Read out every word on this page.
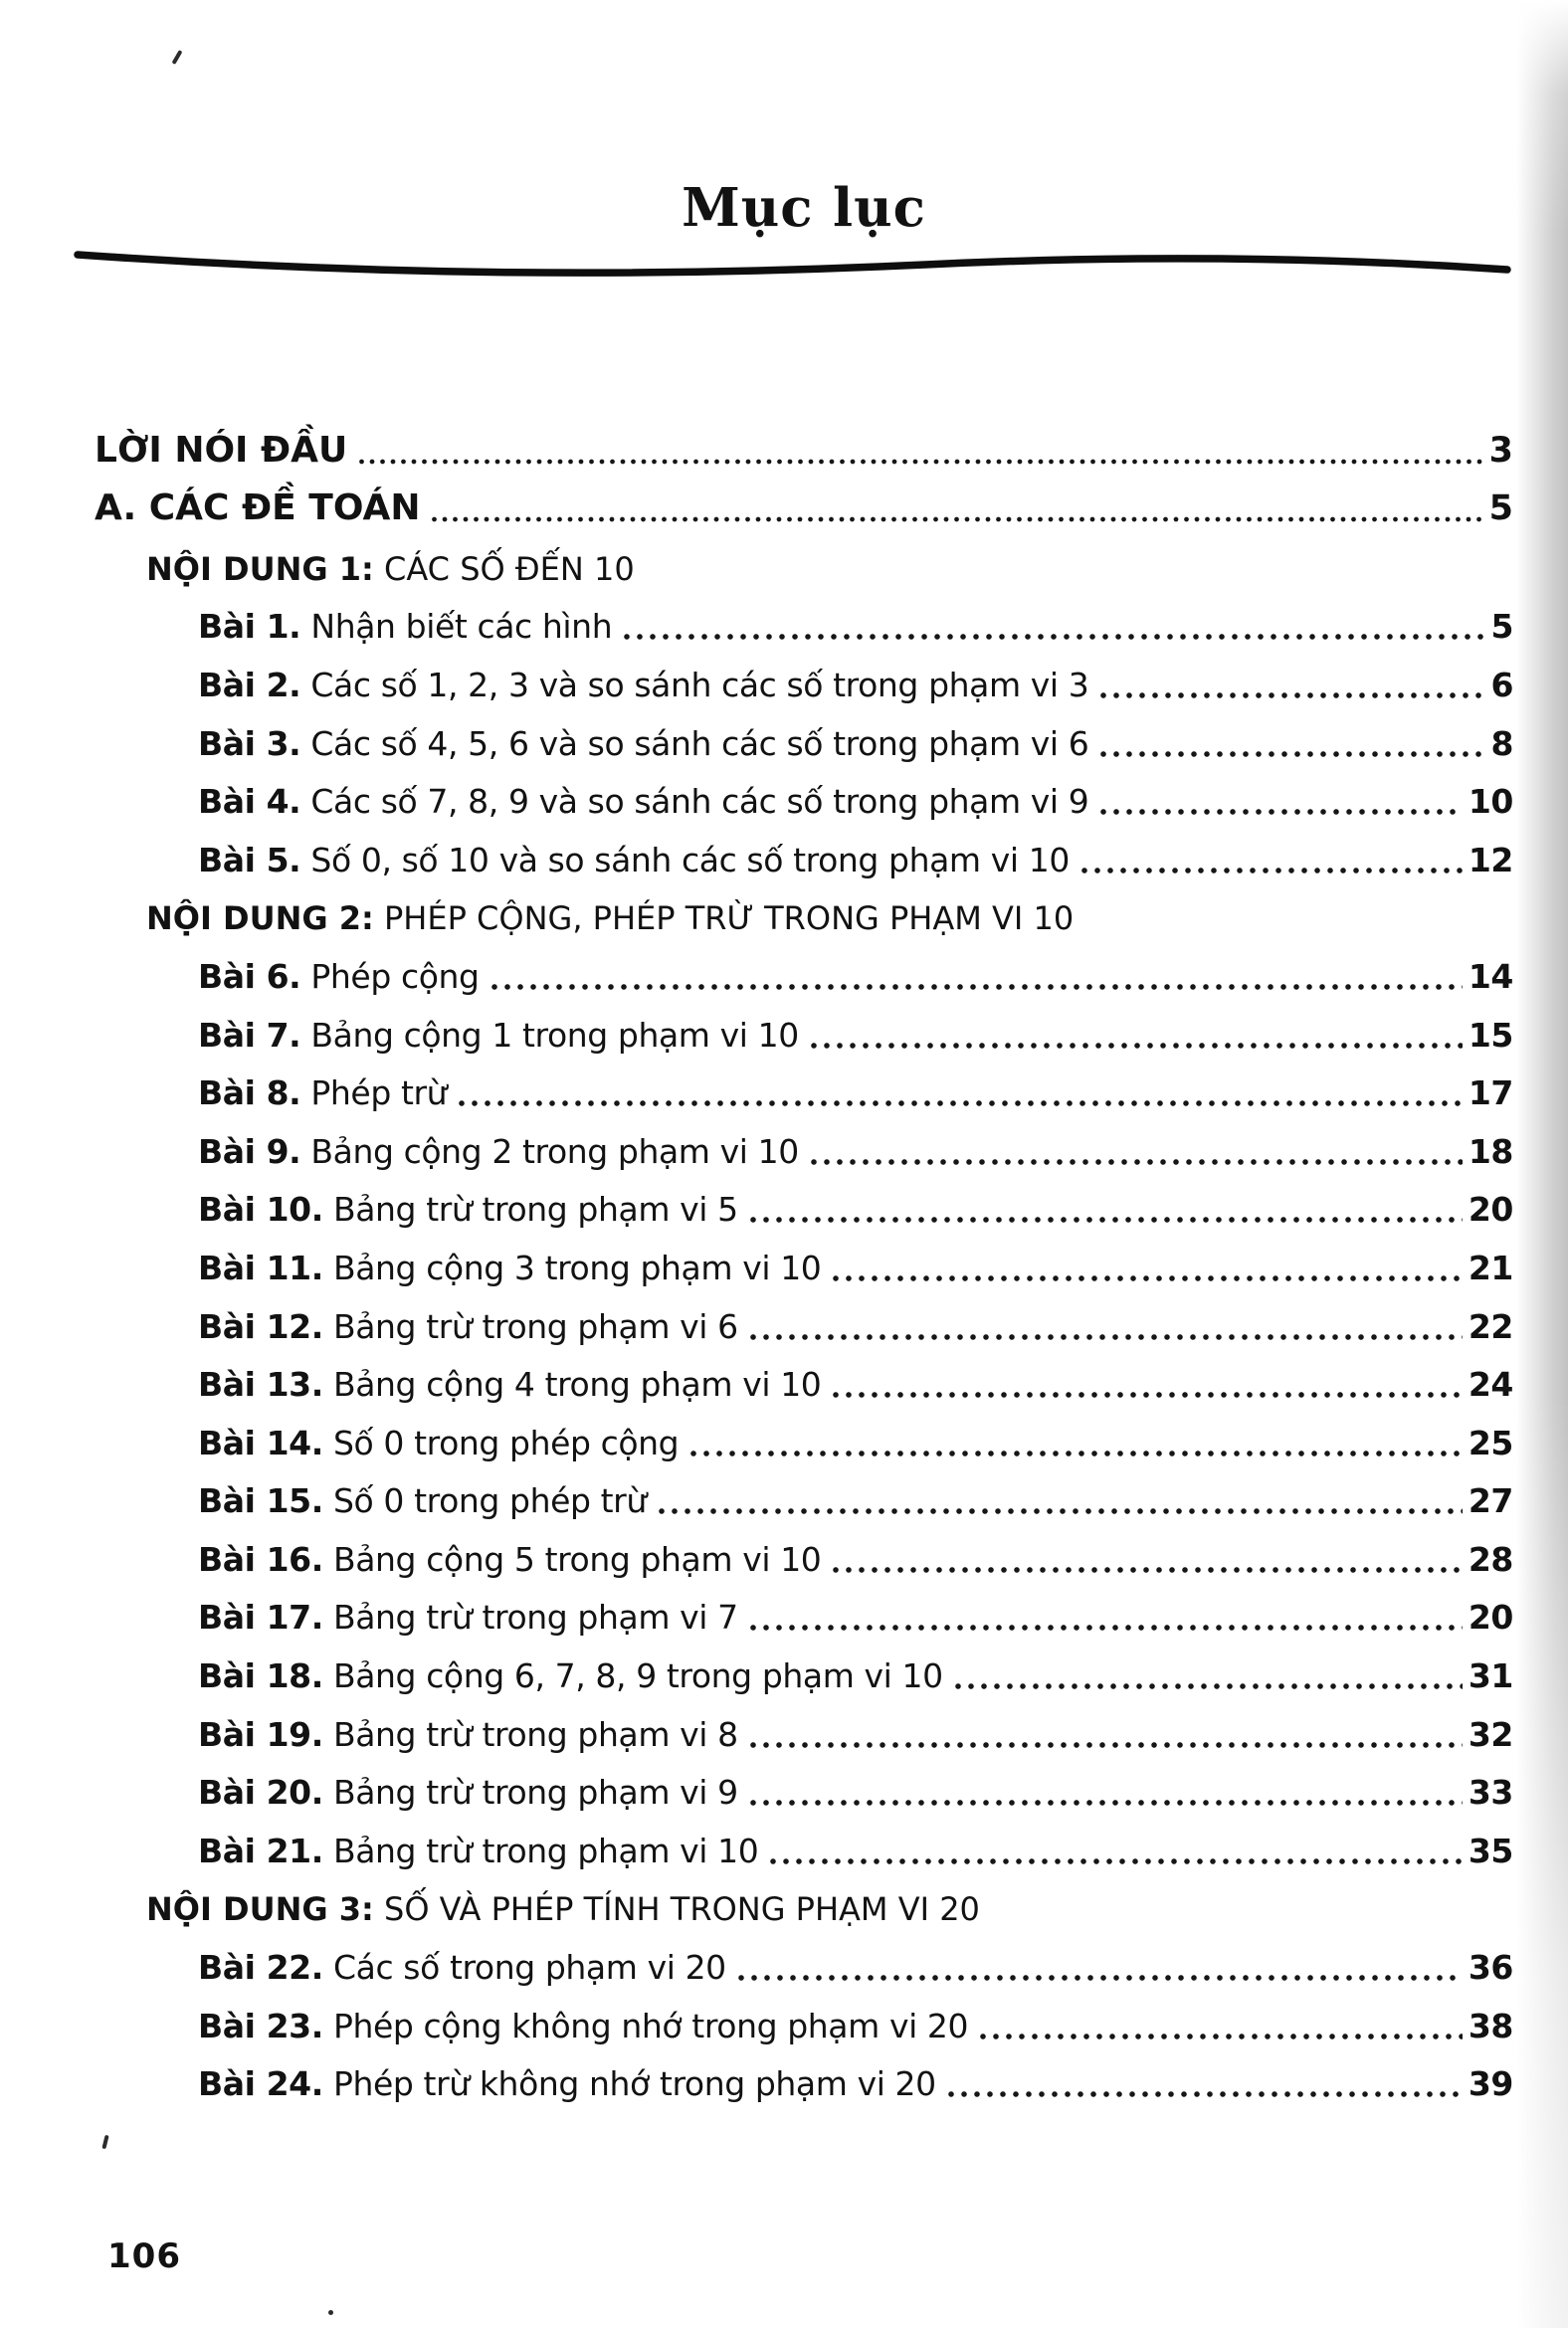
Mục lục
LỜI NÓI ĐẦU	3
A. CÁC ĐỀ TOÁN	5
NỘI DUNG 1: CÁC SỐ ĐẾN 10
Bài 1. Nhận biết các hình	5
Bài 2. Các số 1, 2, 3 và so sánh các số trong phạm vi 3	6
Bài 3. Các số 4, 5, 6 và so sánh các số trong phạm vi 6	8
Bài 4. Các số 7, 8, 9 và so sánh các số trong phạm vi 9	10
Bài 5. Số 0, số 10 và so sánh các số trong phạm vi 10	12
NỘI DUNG 2: PHÉP CỘNG, PHÉP TRỪ TRONG PHẠM VI 10
Bài 6. Phép cộng	14
Bài 7. Bảng cộng 1 trong phạm vi 10	15
Bài 8. Phép trừ	17
Bài 9. Bảng cộng 2 trong phạm vi 10	18
Bài 10. Bảng trừ trong phạm vi 5	20
Bài 11. Bảng cộng 3 trong phạm vi 10	21
Bài 12. Bảng trừ trong phạm vi 6	22
Bài 13. Bảng cộng 4 trong phạm vi 10	24
Bài 14. Số 0 trong phép cộng	25
Bài 15. Số 0 trong phép trừ	27
Bài 16. Bảng cộng 5 trong phạm vi 10	28
Bài 17. Bảng trừ trong phạm vi 7	20
Bài 18. Bảng cộng 6, 7, 8, 9 trong phạm vi 10	31
Bài 19. Bảng trừ trong phạm vi 8	32
Bài 20. Bảng trừ trong phạm vi 9	33
Bài 21. Bảng trừ trong phạm vi 10	35
NỘI DUNG 3: SỐ VÀ PHÉP TÍNH TRONG PHẠM VI 20
Bài 22. Các số trong phạm vi 20	36
Bài 23. Phép cộng không nhớ trong phạm vi 20	38
Bài 24. Phép trừ không nhớ trong phạm vi 20	39
106
